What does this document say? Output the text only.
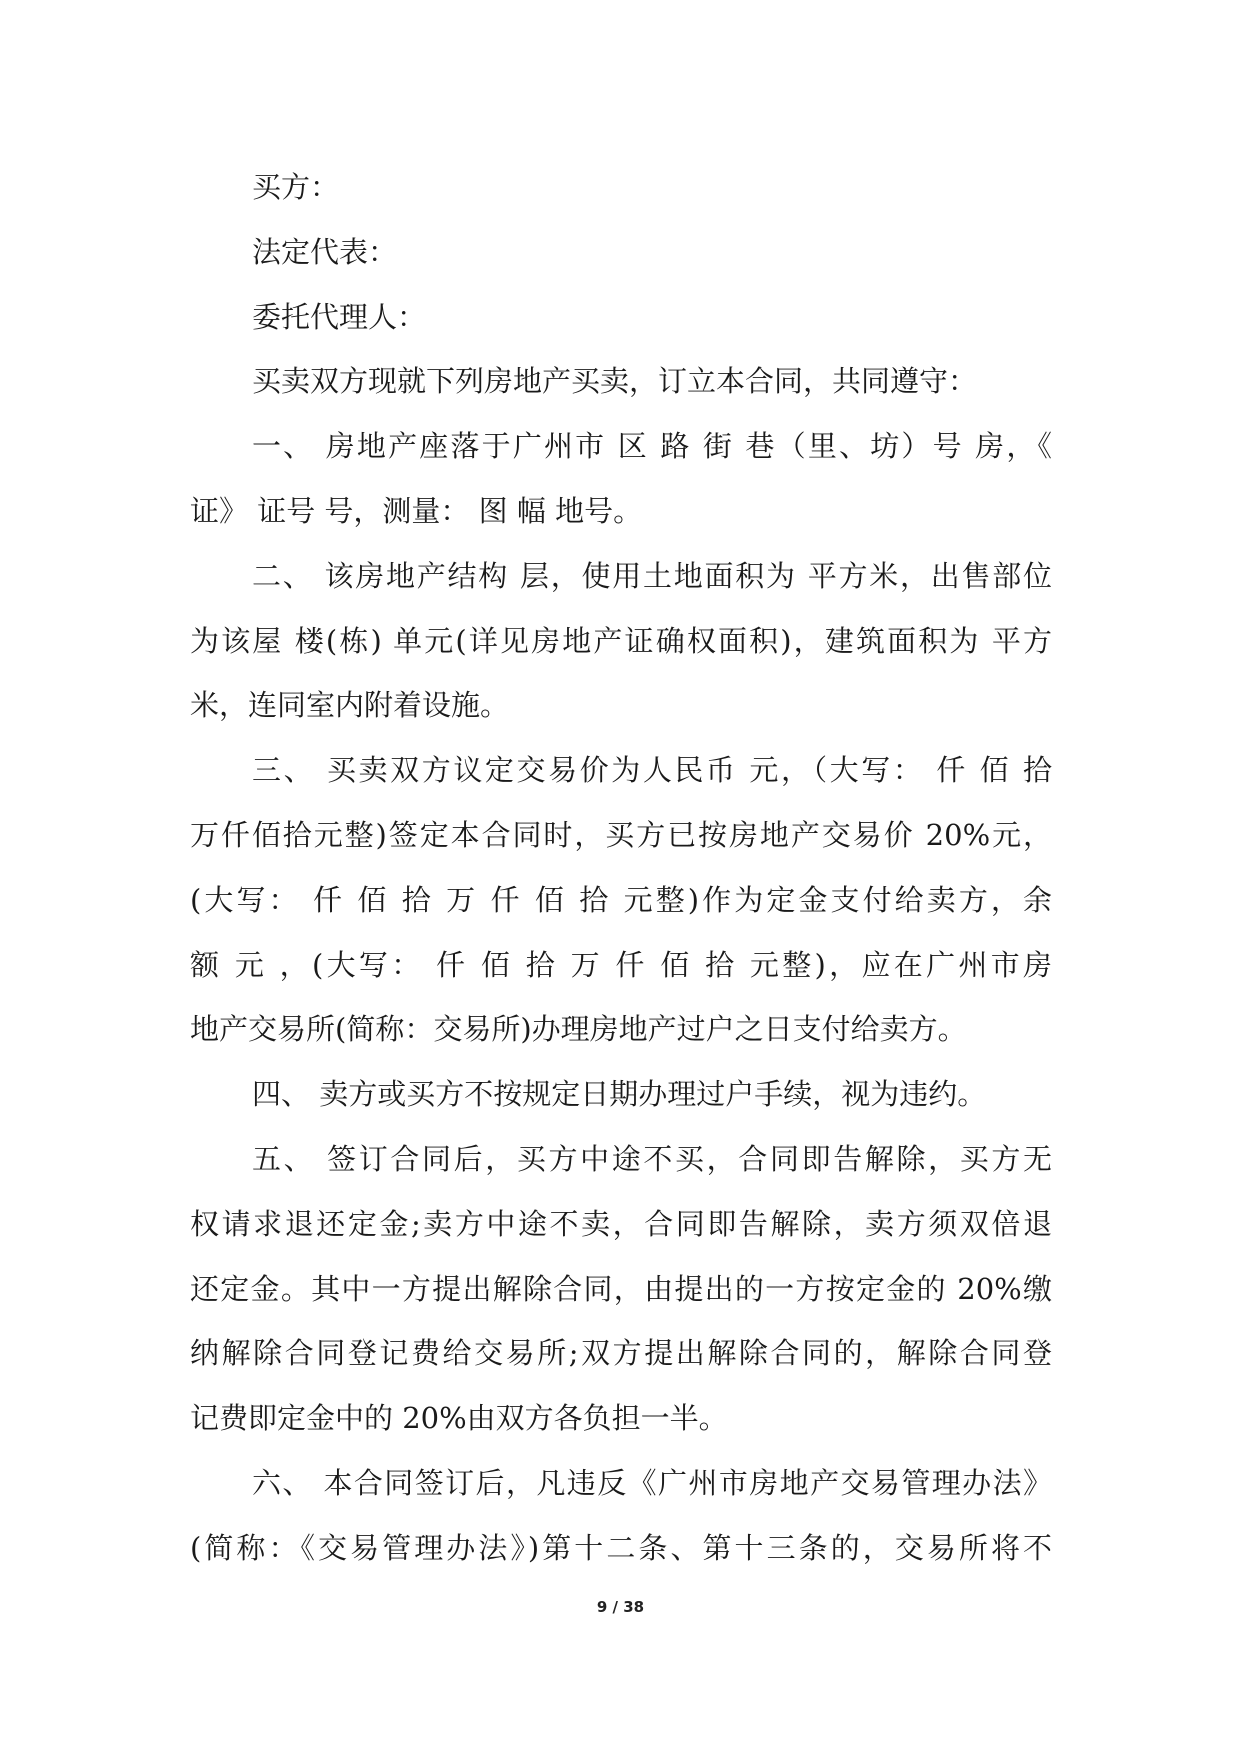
买方：
法定代表：
委托代理人：
买卖双方现就下列房地产买卖，订立本合同，共同遵守：
一、 房地产座落于广州市 区 路 街 巷（里、坊）号 房，《
证》 证号 号，测量： 图 幅 地号。
二、 该房地产结构 层，使用土地面积为 平方米，出售部位
为该屋 楼(栋) 单元(详见房地产证确权面积)，建筑面积为 平方
米，连同室内附着设施。
三、 买卖双方议定交易价为人民币 元，（大写： 仟 佰 拾
万仟佰拾元整)签定本合同时，买方已按房地产交易价 20%元，
(大写： 仟 佰 拾 万 仟 佰 拾 元整)作为定金支付给卖方，余
额 元 ，(大写： 仟 佰 拾 万 仟 佰 拾 元整)，应在广州市房
地产交易所(简称：交易所)办理房地产过户之日支付给卖方。
四、 卖方或买方不按规定日期办理过户手续，视为违约。
五、 签订合同后，买方中途不买，合同即告解除，买方无
权请求退还定金;卖方中途不卖，合同即告解除，卖方须双倍退
还定金。其中一方提出解除合同，由提出的一方按定金的 20%缴
纳解除合同登记费给交易所;双方提出解除合同的，解除合同登
记费即定金中的 20%由双方各负担一半。
六、 本合同签订后，凡违反《广州市房地产交易管理办法》
(简称：《交易管理办法》)第十二条、第十三条的，交易所将不
9 / 38
